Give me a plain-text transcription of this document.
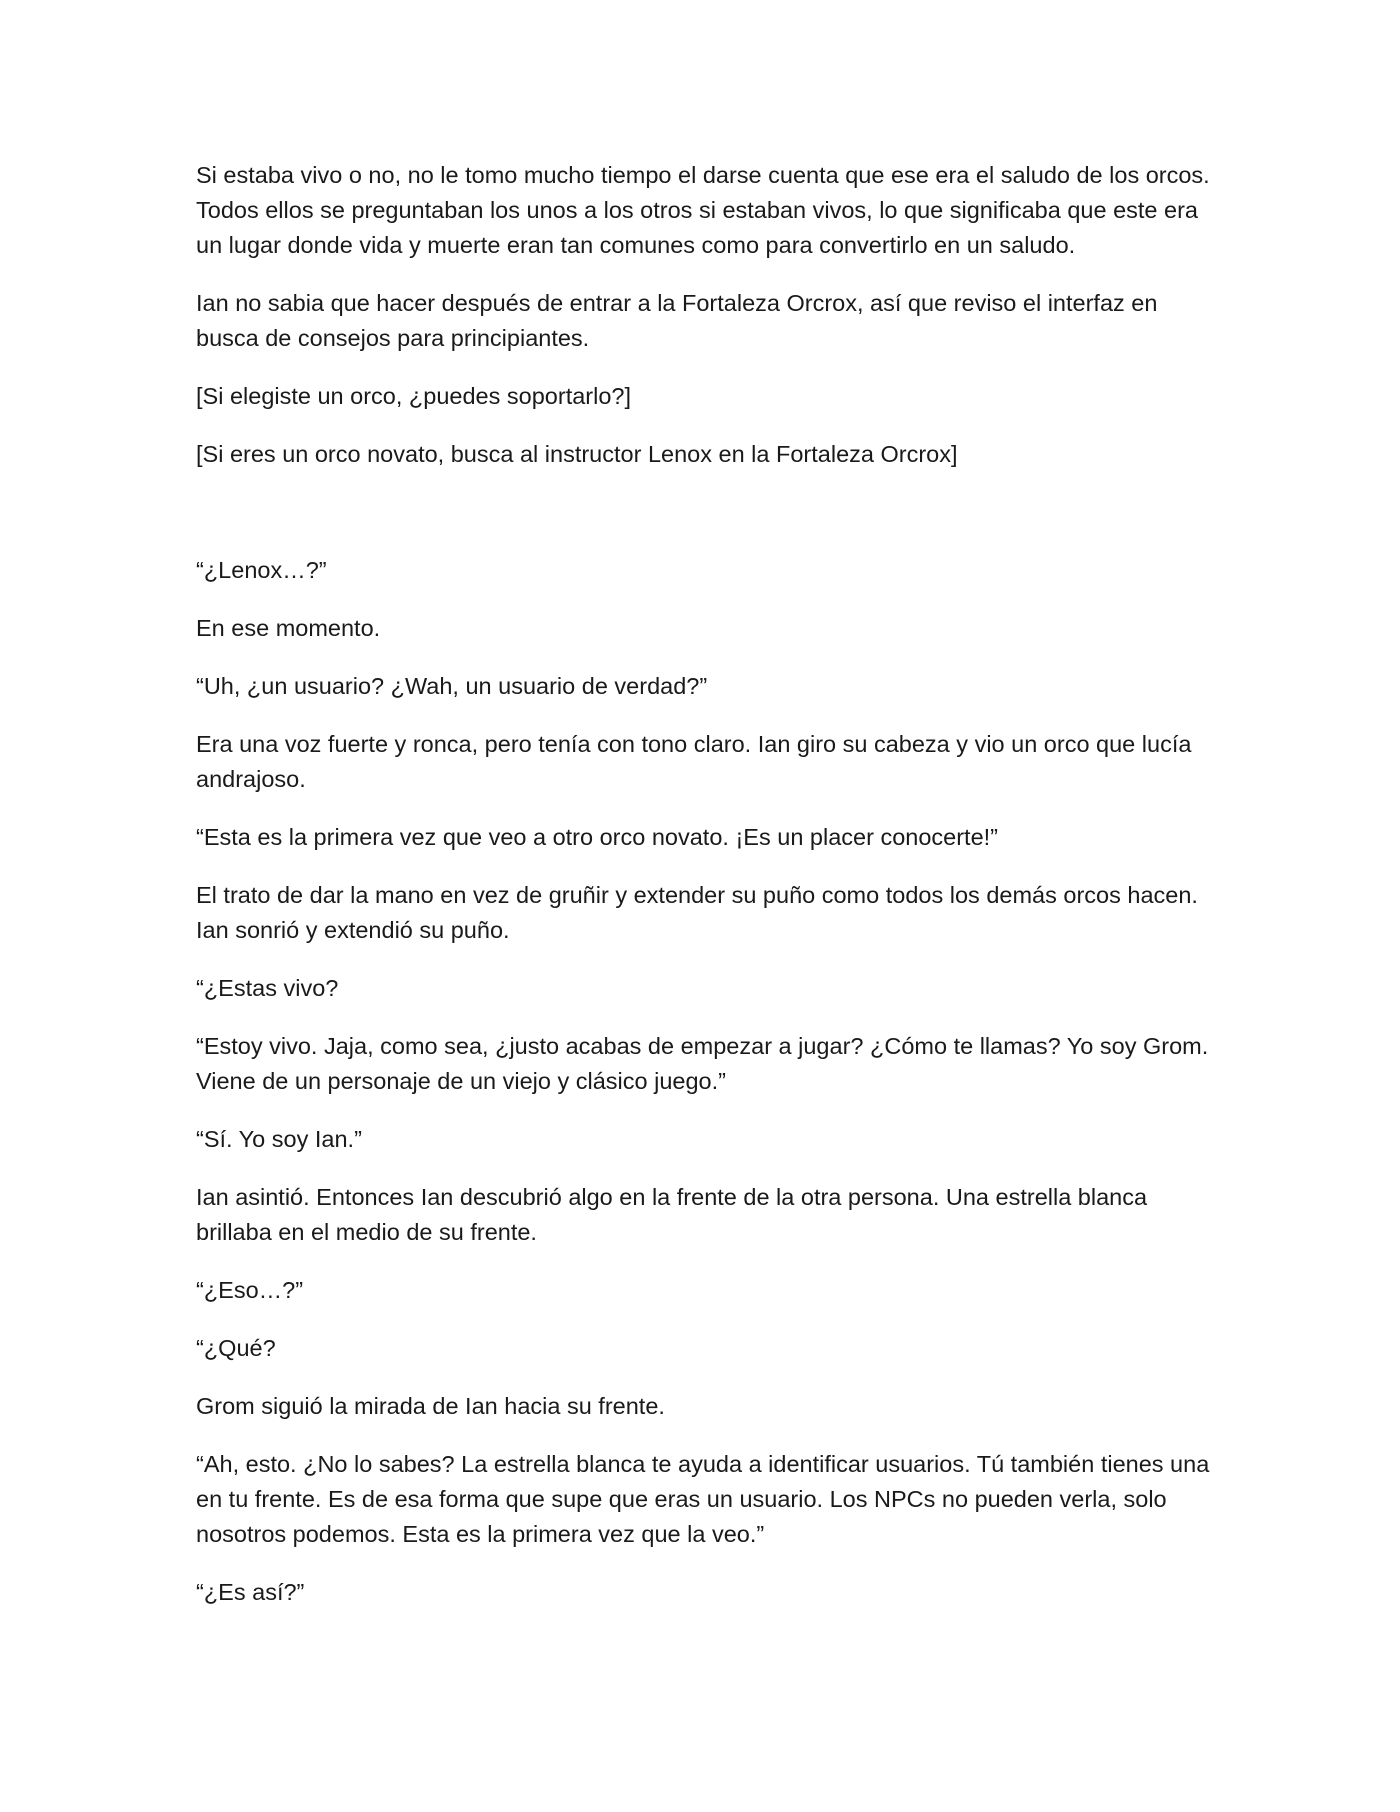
Si estaba vivo o no, no le tomo mucho tiempo el darse cuenta que ese era el saludo de los orcos. Todos ellos se preguntaban los unos a los otros si estaban vivos, lo que significaba que este era un lugar donde vida y muerte eran tan comunes como para convertirlo en un saludo.

Ian no sabia que hacer después de entrar a la Fortaleza Orcrox, así que reviso el interfaz en busca de consejos para principiantes.

[Si elegiste un orco, ¿puedes soportarlo?]

[Si eres un orco novato, busca al instructor Lenox en la Fortaleza Orcrox]

“¿Lenox…?”

En ese momento.

“Uh, ¿un usuario? ¿Wah, un usuario de verdad?”

Era una voz fuerte y ronca, pero tenía con tono claro. Ian giro su cabeza y vio un orco que lucía andrajoso.

“Esta es la primera vez que veo a otro orco novato. ¡Es un placer conocerte!”

El trato de dar la mano en vez de gruñir y extender su puño como todos los demás orcos hacen. Ian sonrió y extendió su puño.

“¿Estas vivo?

“Estoy vivo. Jaja, como sea, ¿justo acabas de empezar a jugar? ¿Cómo te llamas? Yo soy Grom. Viene de un personaje de un viejo y clásico juego.”

“Sí. Yo soy Ian.”

Ian asintió. Entonces Ian descubrió algo en la frente de la otra persona. Una estrella blanca brillaba en el medio de su frente.

“¿Eso…?”

“¿Qué?

Grom siguió la mirada de Ian hacia su frente.

“Ah, esto. ¿No lo sabes? La estrella blanca te ayuda a identificar usuarios. Tú también tienes una en tu frente. Es de esa forma que supe que eras un usuario. Los NPCs no pueden verla, solo nosotros podemos. Esta es la primera vez que la veo.”

“¿Es así?”
